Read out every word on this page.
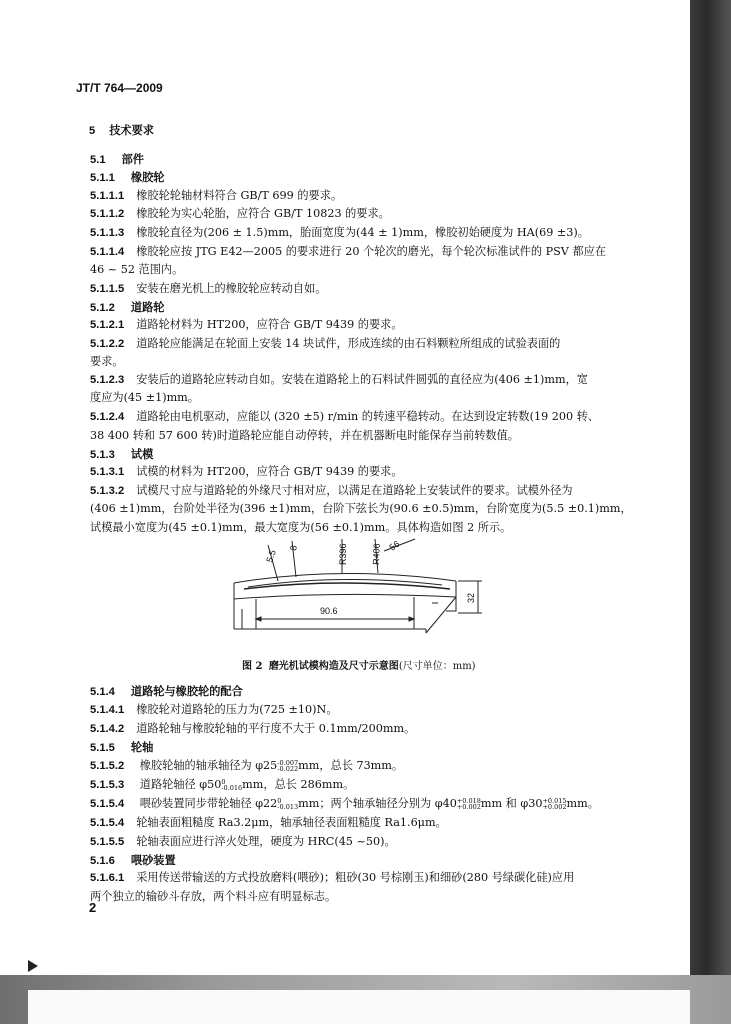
JT/T 764—2009
5 技术要求
5.1 部件
5.1.1 橡胶轮
5.1.1.1 橡胶轮轮轴材料符合 GB/T 699 的要求。
5.1.1.2 橡胶轮为实心轮胎，应符合 GB/T 10823 的要求。
5.1.1.3 橡胶轮直径为(206 ± 1.5)mm，胎面宽度为(44 ± 1)mm，橡胶初始硬度为 HA(69 ±3)。
5.1.1.4 橡胶轮应按 JTG E42—2005 的要求进行 20 个轮次的磨光，每个轮次标准试件的 PSV 都应在
46 ~ 52 范围内。
5.1.1.5 安装在磨光机上的橡胶轮应转动自如。
5.1.2 道路轮
5.1.2.1 道路轮材料为 HT200，应符合 GB/T 9439 的要求。
5.1.2.2 道路轮应能满足在轮面上安装 14 块试件，形成连续的由石料颗粒所组成的试验表面的
要求。
5.1.2.3 安装后的道路轮应转动自如。安装在道路轮上的石料试件圆弧的直径应为(406 ±1)mm，宽
度应为(45 ±1)mm。
5.1.2.4 道路轮由电机驱动，应能以 (320 ±5) r/min 的转速平稳转动。在达到设定转数(19 200 转、
38 400 转和 57 600 转)时道路轮应能自动停转，并在机器断电时能保存当前转数值。
5.1.3 试模
5.1.3.1 试模的材料为 HT200，应符合 GB/T 9439 的要求。
5.1.3.2 试模尺寸应与道路轮的外缘尺寸相对应，以满足在道路轮上安装试件的要求。试模外径为
(406 ±1)mm，台阶处半径为(396 ±1)mm，台阶下弦长为(90.6 ±0.5)mm，台阶宽度为(5.5 ±0.1)mm，
试模最小宽度为(45 ±0.1)mm，最大宽度为(56 ±0.1)mm。具体构造如图 2 所示。
5.1.4 道路轮与橡胶轮的配合
5.1.4.1 橡胶轮对道路轮的压力为(725 ±10)N。
5.1.4.2 道路轮轴与橡胶轮轴的平行度不大于 0.1mm/200mm。
5.1.5 轮轴
5.1.5.4 轮轴表面粗糙度 Ra3.2μm，轴承轴径表面粗糙度 Ra1.6μm。
5.1.5.5 轮轴表面应进行淬火处理，硬度为 HRC(45 ~50)。
5.1.6 喂砂装置
5.1.6.1 采用传送带输送的方式投放磨料(喂砂)；粗砂(30 号棕刚玉)和细砂(280 号绿碳化硅)应用
两个独立的输砂斗存放，两个料斗应有明显标志。
5.1.5.2 橡胶轮轴的轴承轴径为 φ25-0.007
-0.022mm，总长 73mm。
5.1.5.3 道路轮轴径 φ500
-0.016mm，总长 286mm。
5.1.5.4 喂砂装置同步带轮轴径 φ220
-0.013mm；两个轴承轴径分别为 φ40+0.018
+0.002mm 和 φ30+0.015
+0.002mm。
5.5
8	R396	R406 56
32
90.6
图 2 磨光机试模构造及尺寸示意图(尺寸单位：mm)
2
